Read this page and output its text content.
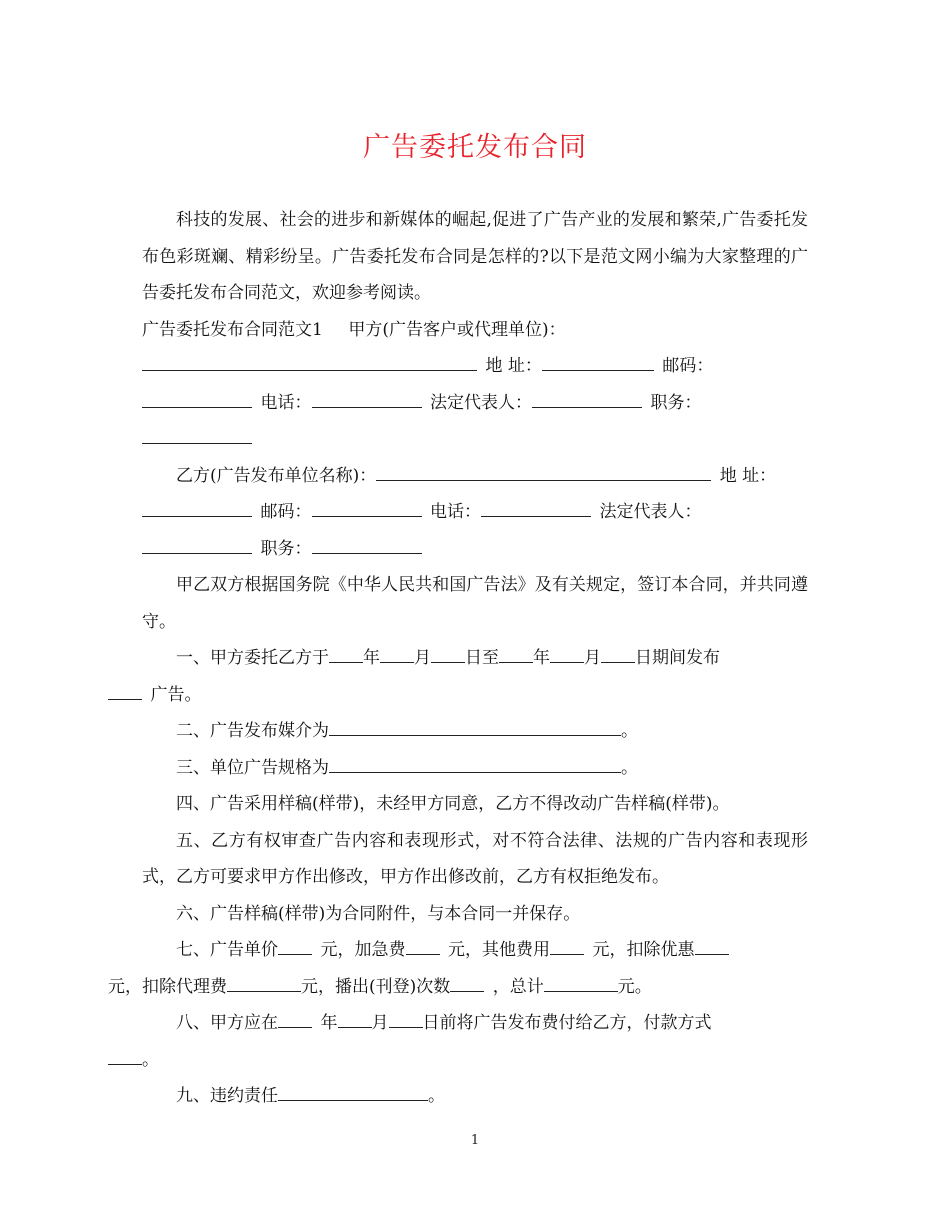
广告委托发布合同

科技的发展、社会的进步和新媒体的崛起,促进了广告产业的发展和繁荣,广告委托发布色彩斑斓、精彩纷呈。广告委托发布合同是怎样的?以下是范文网小编为大家整理的广告委托发布合同范文，欢迎参考阅读。

广告委托发布合同范文1   甲方(广告客户或代理单位)：
 地 址： 	邮码：
 电话： 	法定代表人： 	职务：

乙方(广告发布单位名称)： 	地 址：
 邮码： 	电话： 	法定代表人：
 职务：

甲乙双方根据国务院《中华人民共和国广告法》及有关规定，签订本合同，并共同遵守。

一、甲方委托乙方于 年 月 日至 年 月 日期间发布
 广告。

二、广告发布媒介为	。

三、单位广告规格为	。

四、广告采用样稿(样带)，未经甲方同意，乙方不得改动广告样稿(样带)。

五、乙方有权审查广告内容和表现形式，对不符合法律、法规的广告内容和表现形式，乙方可要求甲方作出修改，甲方作出修改前，乙方有权拒绝发布。

六、广告样稿(样带)为合同附件，与本合同一并保存。

七、广告单价 	元，加急费 	元，其他费用 	元，扣除优惠
元，扣除代理费	元，播出(刊登)次数 	，总计	元。

八、甲方应在 	年 月 日前将广告发布费付给乙方，付款方式
。

九、违约责任	。

1
